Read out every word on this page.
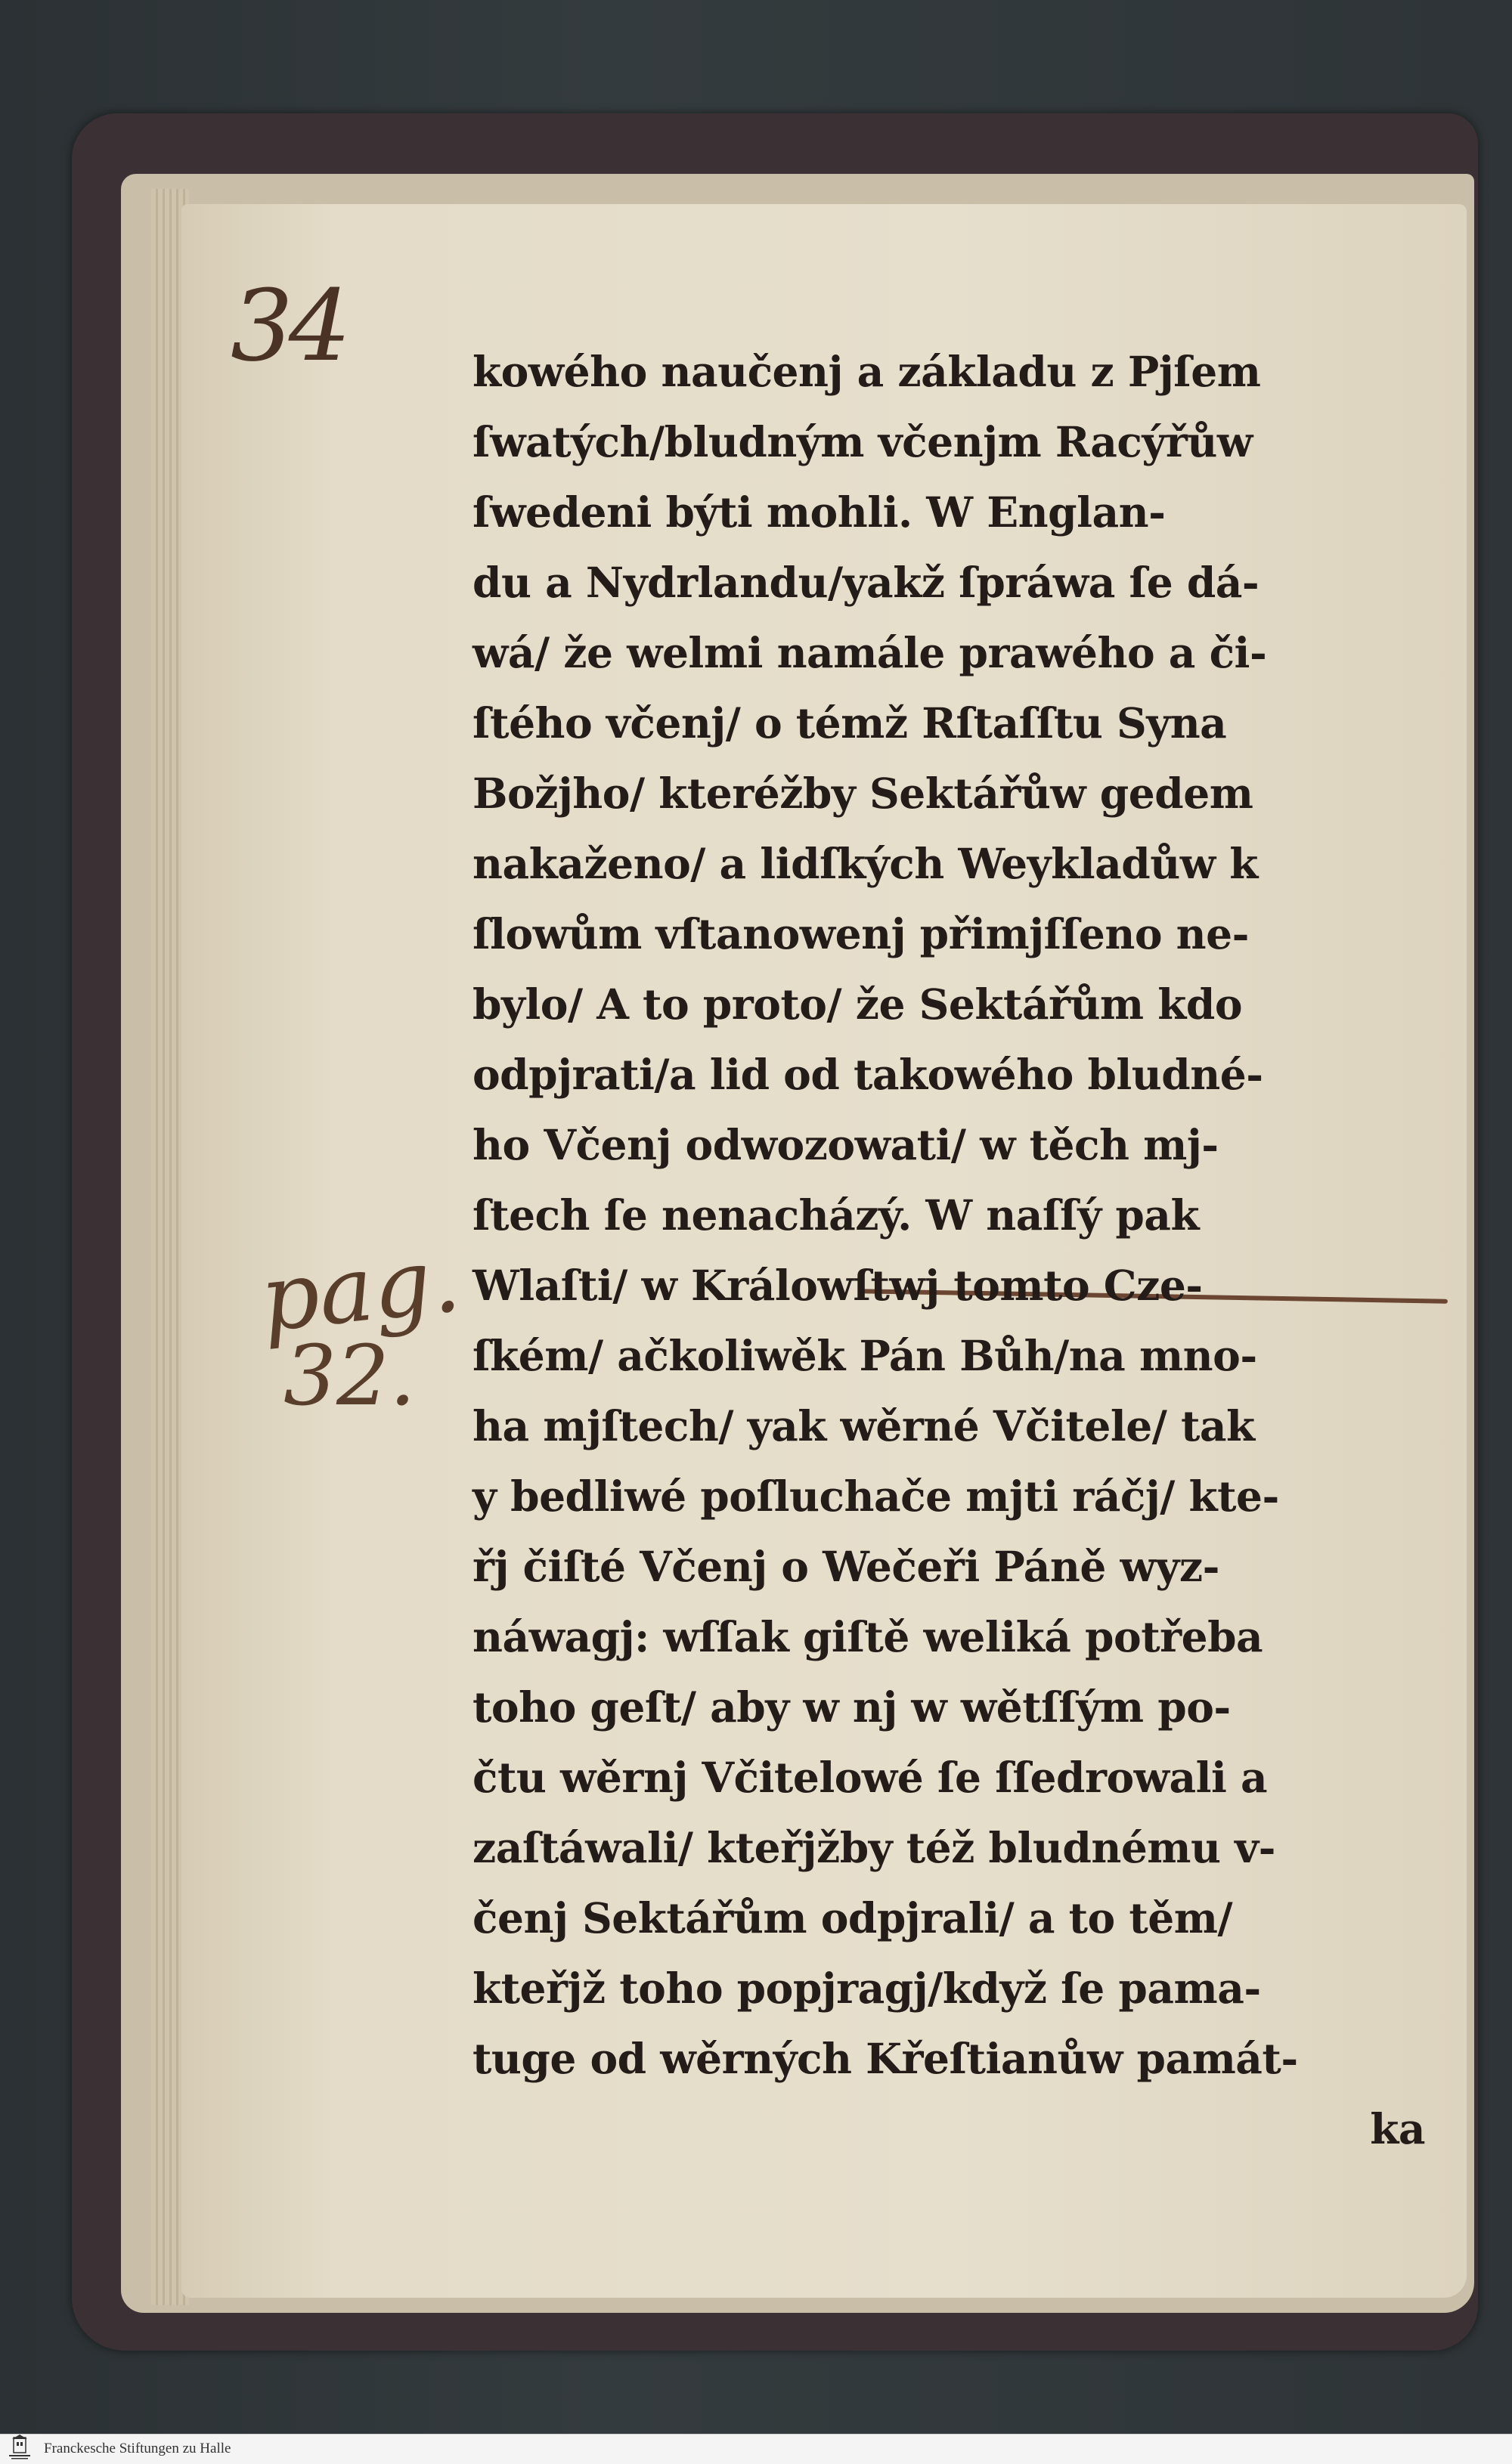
34
pag.
32.
kowého naučenj a základu z Pjſem
ſwatých/bludným včenjm Racýřůw
ſwedeni býti mohli. W Englan-
du a Nydrlandu/yakž ſpráwa ſe dá-
wá/ že welmi namále prawého a či-
ſtého včenj/ o témž Rſtaſſtu Syna
Božjho/ kteréžby Sektářůw gedem
nakaženo/ a lidſkých Weykladůw k
ſlowům vſtanowenj přimjſſeno ne-
bylo/ A to proto/ že Sektářům kdo
odpjrati/a lid od takowého bludné-
ho Včenj odwozowati/ w těch mj-
ſtech ſe nenacházý. W naſſý pak
Wlaſti/ w Králowſtwj tomto Cze-
ſkém/ ačkoliwěk Pán Bůh/na mno-
ha mjſtech/ yak wěrné Včitele/ tak
y bedliwé poſluchače mjti ráčj/ kte-
řj čiſté Včenj o Wečeři Páně wyz-
náwagj: wſſak giſtě weliká potřeba
toho geſt/ aby w nj w wětſſým po-
čtu wěrnj Včitelowé ſe ſſedrowali a
zaſtáwali/ kteřjžby též bludnému v-
čenj Sektářům odpjrali/ a to těm/
kteřjž toho popjragj/když ſe pama-
tuge od wěrných Křeſtianůw památ-
ka
Franckesche Stiftungen zu Halle
